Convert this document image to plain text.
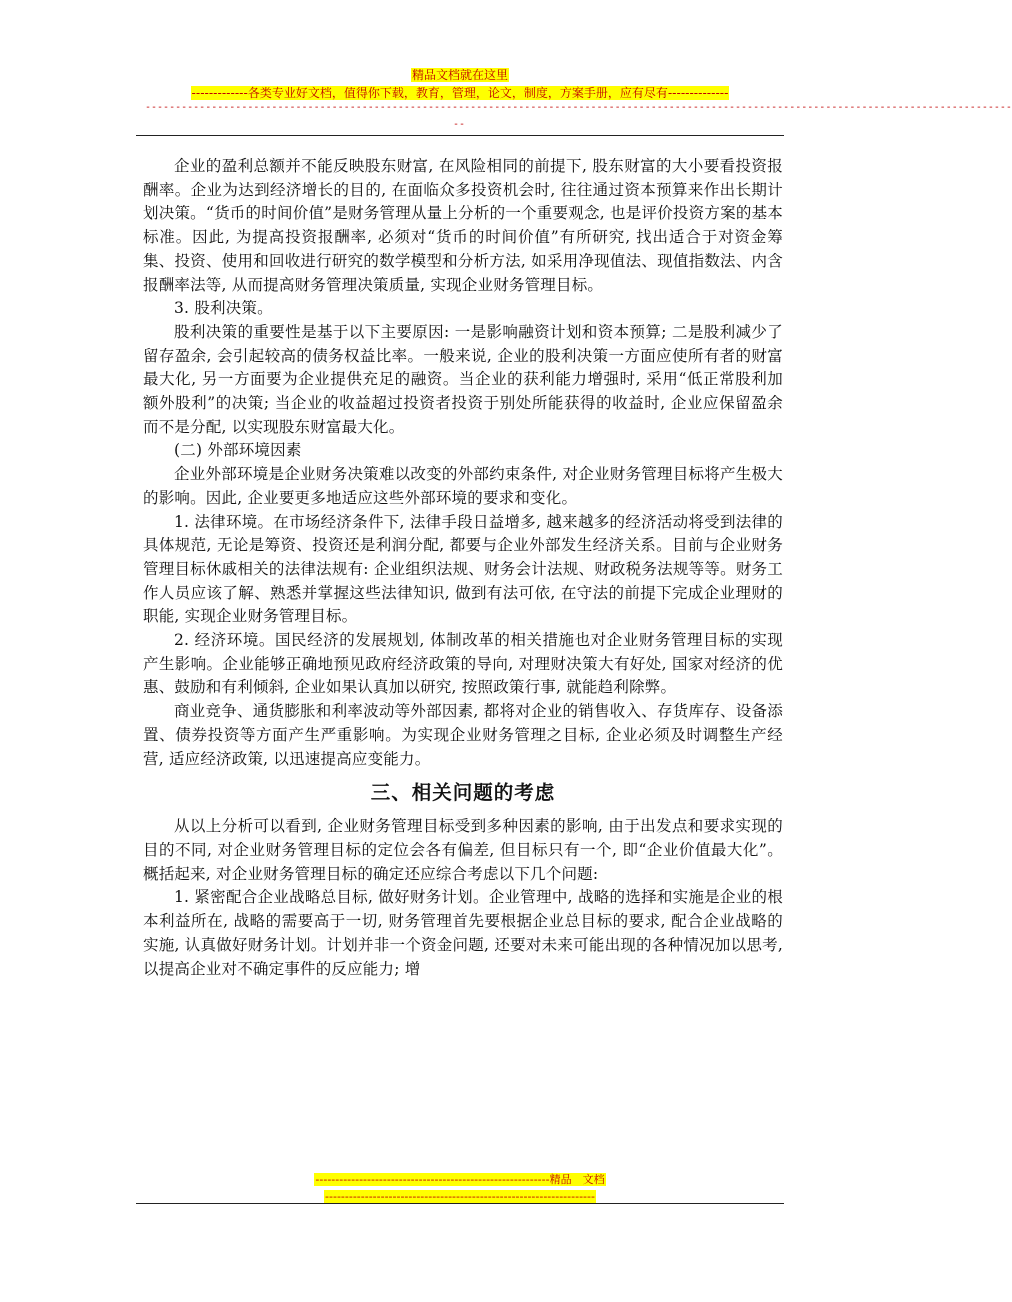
精品文档就在这里
-------------各类专业好文档，值得你下载，教育，管理，论文，制度，方案手册，应有尽有--------------
------------------------------------------------------------------------------------------------------------------------------------------------
--

企业的盈利总额并不能反映股东财富, 在风险相同的前提下, 股东财富的大小要看投资报酬率。企业为达到经济增长的目的, 在面临众多投资机会时, 往往通过资本预算来作出长期计划决策。“货币的时间价值”是财务管理从量上分析的一个重要观念, 也是评价投资方案的基本标准。因此, 为提高投资报酬率, 必须对“货币的时间价值”有所研究, 找出适合于对资金筹集、投资、使用和回收进行研究的数学模型和分析方法, 如采用净现值法、现值指数法、内含报酬率法等, 从而提高财务管理决策质量, 实现企业财务管理目标。

3. 股利决策。

股利决策的重要性是基于以下主要原因: 一是影响融资计划和资本预算; 二是股利减少了留存盈余, 会引起较高的债务权益比率。一般来说, 企业的股利决策一方面应使所有者的财富最大化, 另一方面要为企业提供充足的融资。当企业的获利能力增强时, 采用“低正常股利加额外股利”的决策; 当企业的收益超过投资者投资于别处所能获得的收益时, 企业应保留盈余而不是分配, 以实现股东财富最大化。

(二) 外部环境因素

企业外部环境是企业财务决策难以改变的外部约束条件, 对企业财务管理目标将产生极大的影响。因此, 企业要更多地适应这些外部环境的要求和变化。

1. 法律环境。在市场经济条件下, 法律手段日益增多, 越来越多的经济活动将受到法律的具体规范, 无论是筹资、投资还是利润分配, 都要与企业外部发生经济关系。目前与企业财务管理目标休戚相关的法律法规有: 企业组织法规、财务会计法规、财政税务法规等等。财务工作人员应该了解、熟悉并掌握这些法律知识, 做到有法可依, 在守法的前提下完成企业理财的职能, 实现企业财务管理目标。

2. 经济环境。国民经济的发展规划, 体制改革的相关措施也对企业财务管理目标的实现产生影响。企业能够正确地预见政府经济政策的导向, 对理财决策大有好处, 国家对经济的优惠、鼓励和有利倾斜, 企业如果认真加以研究, 按照政策行事, 就能趋利除弊。

商业竞争、通货膨胀和利率波动等外部因素, 都将对企业的销售收入、存货库存、设备添置、债券投资等方面产生严重影响。为实现企业财务管理之目标, 企业必须及时调整生产经营, 适应经济政策, 以迅速提高应变能力。

三、相关问题的考虑

从以上分析可以看到, 企业财务管理目标受到多种因素的影响, 由于出发点和要求实现的目的不同, 对企业财务管理目标的定位会各有偏差, 但目标只有一个, 即“企业价值最大化”。概括起来, 对企业财务管理目标的确定还应综合考虑以下几个问题:

1. 紧密配合企业战略总目标, 做好财务计划。企业管理中, 战略的选择和实施是企业的根本利益所在, 战略的需要高于一切, 财务管理首先要根据企业总目标的要求, 配合企业战略的实施, 认真做好财务计划。计划并非一个资金问题, 还要对未来可能出现的各种情况加以思考, 以提高企业对不确定事件的反应能力; 增

-----------------------------------------------------------精品　文档
--------------------------------------------------------------------
